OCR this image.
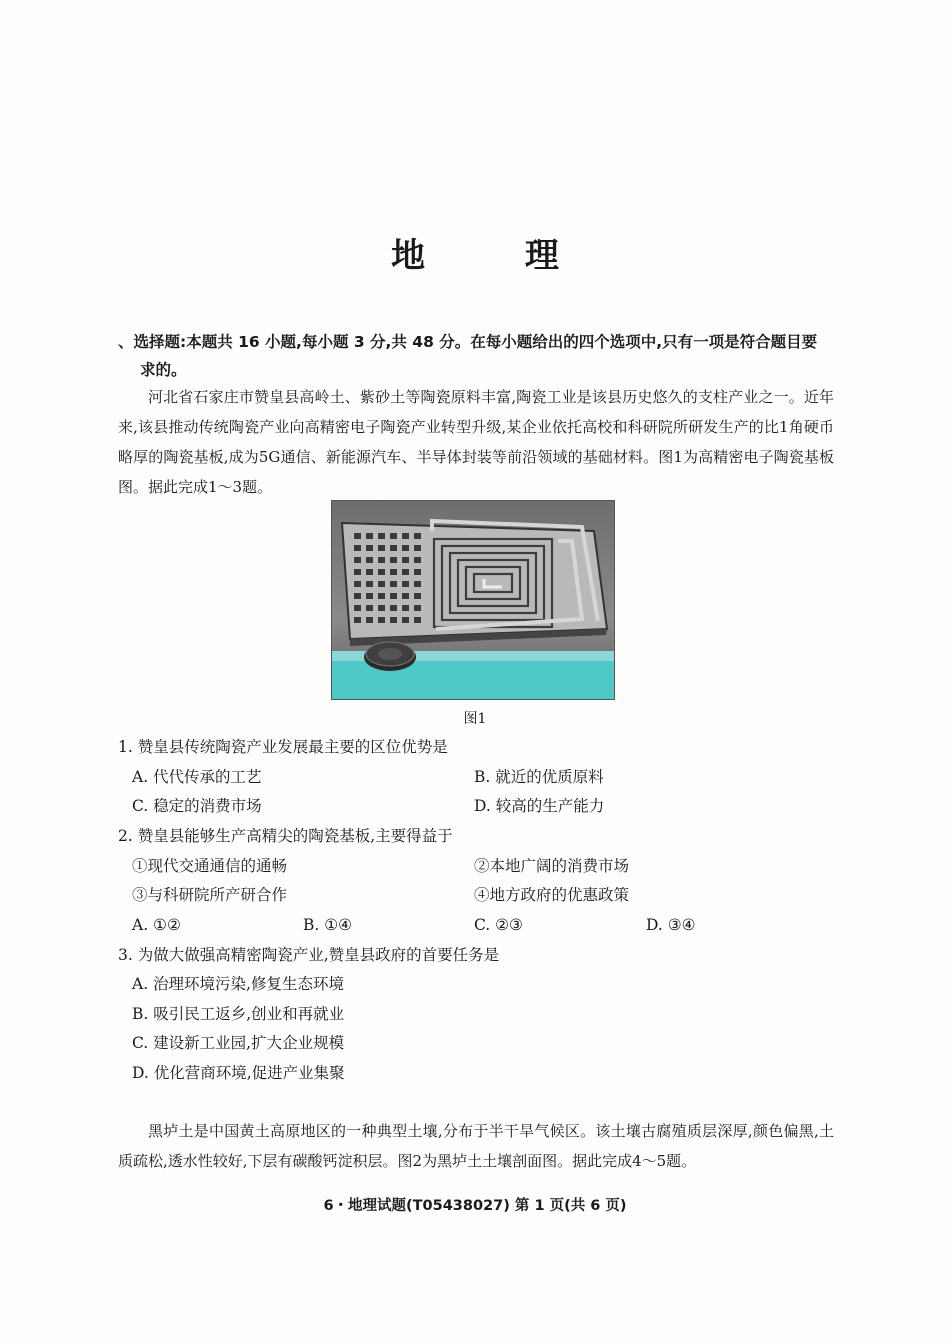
地 理
、选择题:本题共 16 小题,每小题 3 分,共 48 分。在每小题给出的四个选项中,只有一项是符合题目要
求的。
河北省石家庄市赞皇县高岭土、紫砂土等陶瓷原料丰富,陶瓷工业是该县历史悠久的支柱产业之一。近年来,该县推动传统陶瓷产业向高精密电子陶瓷产业转型升级,某企业依托高校和科研院所研发生产的比1角硬币略厚的陶瓷基板,成为5G通信、新能源汽车、半导体封装等前沿领域的基础材料。图1为高精密电子陶瓷基板图。据此完成1～3题。
图1
1. 赞皇县传统陶瓷产业发展最主要的区位优势是
A. 代代传承的工艺	B. 就近的优质原料
C. 稳定的消费市场	D. 较高的生产能力
2. 赞皇县能够生产高精尖的陶瓷基板,主要得益于
①现代交通通信的通畅	②本地广阔的消费市场
③与科研院所产研合作	④地方政府的优惠政策
A. ①②	B. ①④	C. ②③	D. ③④
3. 为做大做强高精密陶瓷产业,赞皇县政府的首要任务是
A. 治理环境污染,修复生态环境
B. 吸引民工返乡,创业和再就业
C. 建设新工业园,扩大企业规模
D. 优化营商环境,促进产业集聚
黑垆土是中国黄土高原地区的一种典型土壤,分布于半干旱气候区。该土壤古腐殖质层深厚,颜色偏黑,土质疏松,透水性较好,下层有碳酸钙淀积层。图2为黑垆土土壤剖面图。据此完成4～5题。
6・地理试题(T05438027) 第 1 页(共 6 页)
